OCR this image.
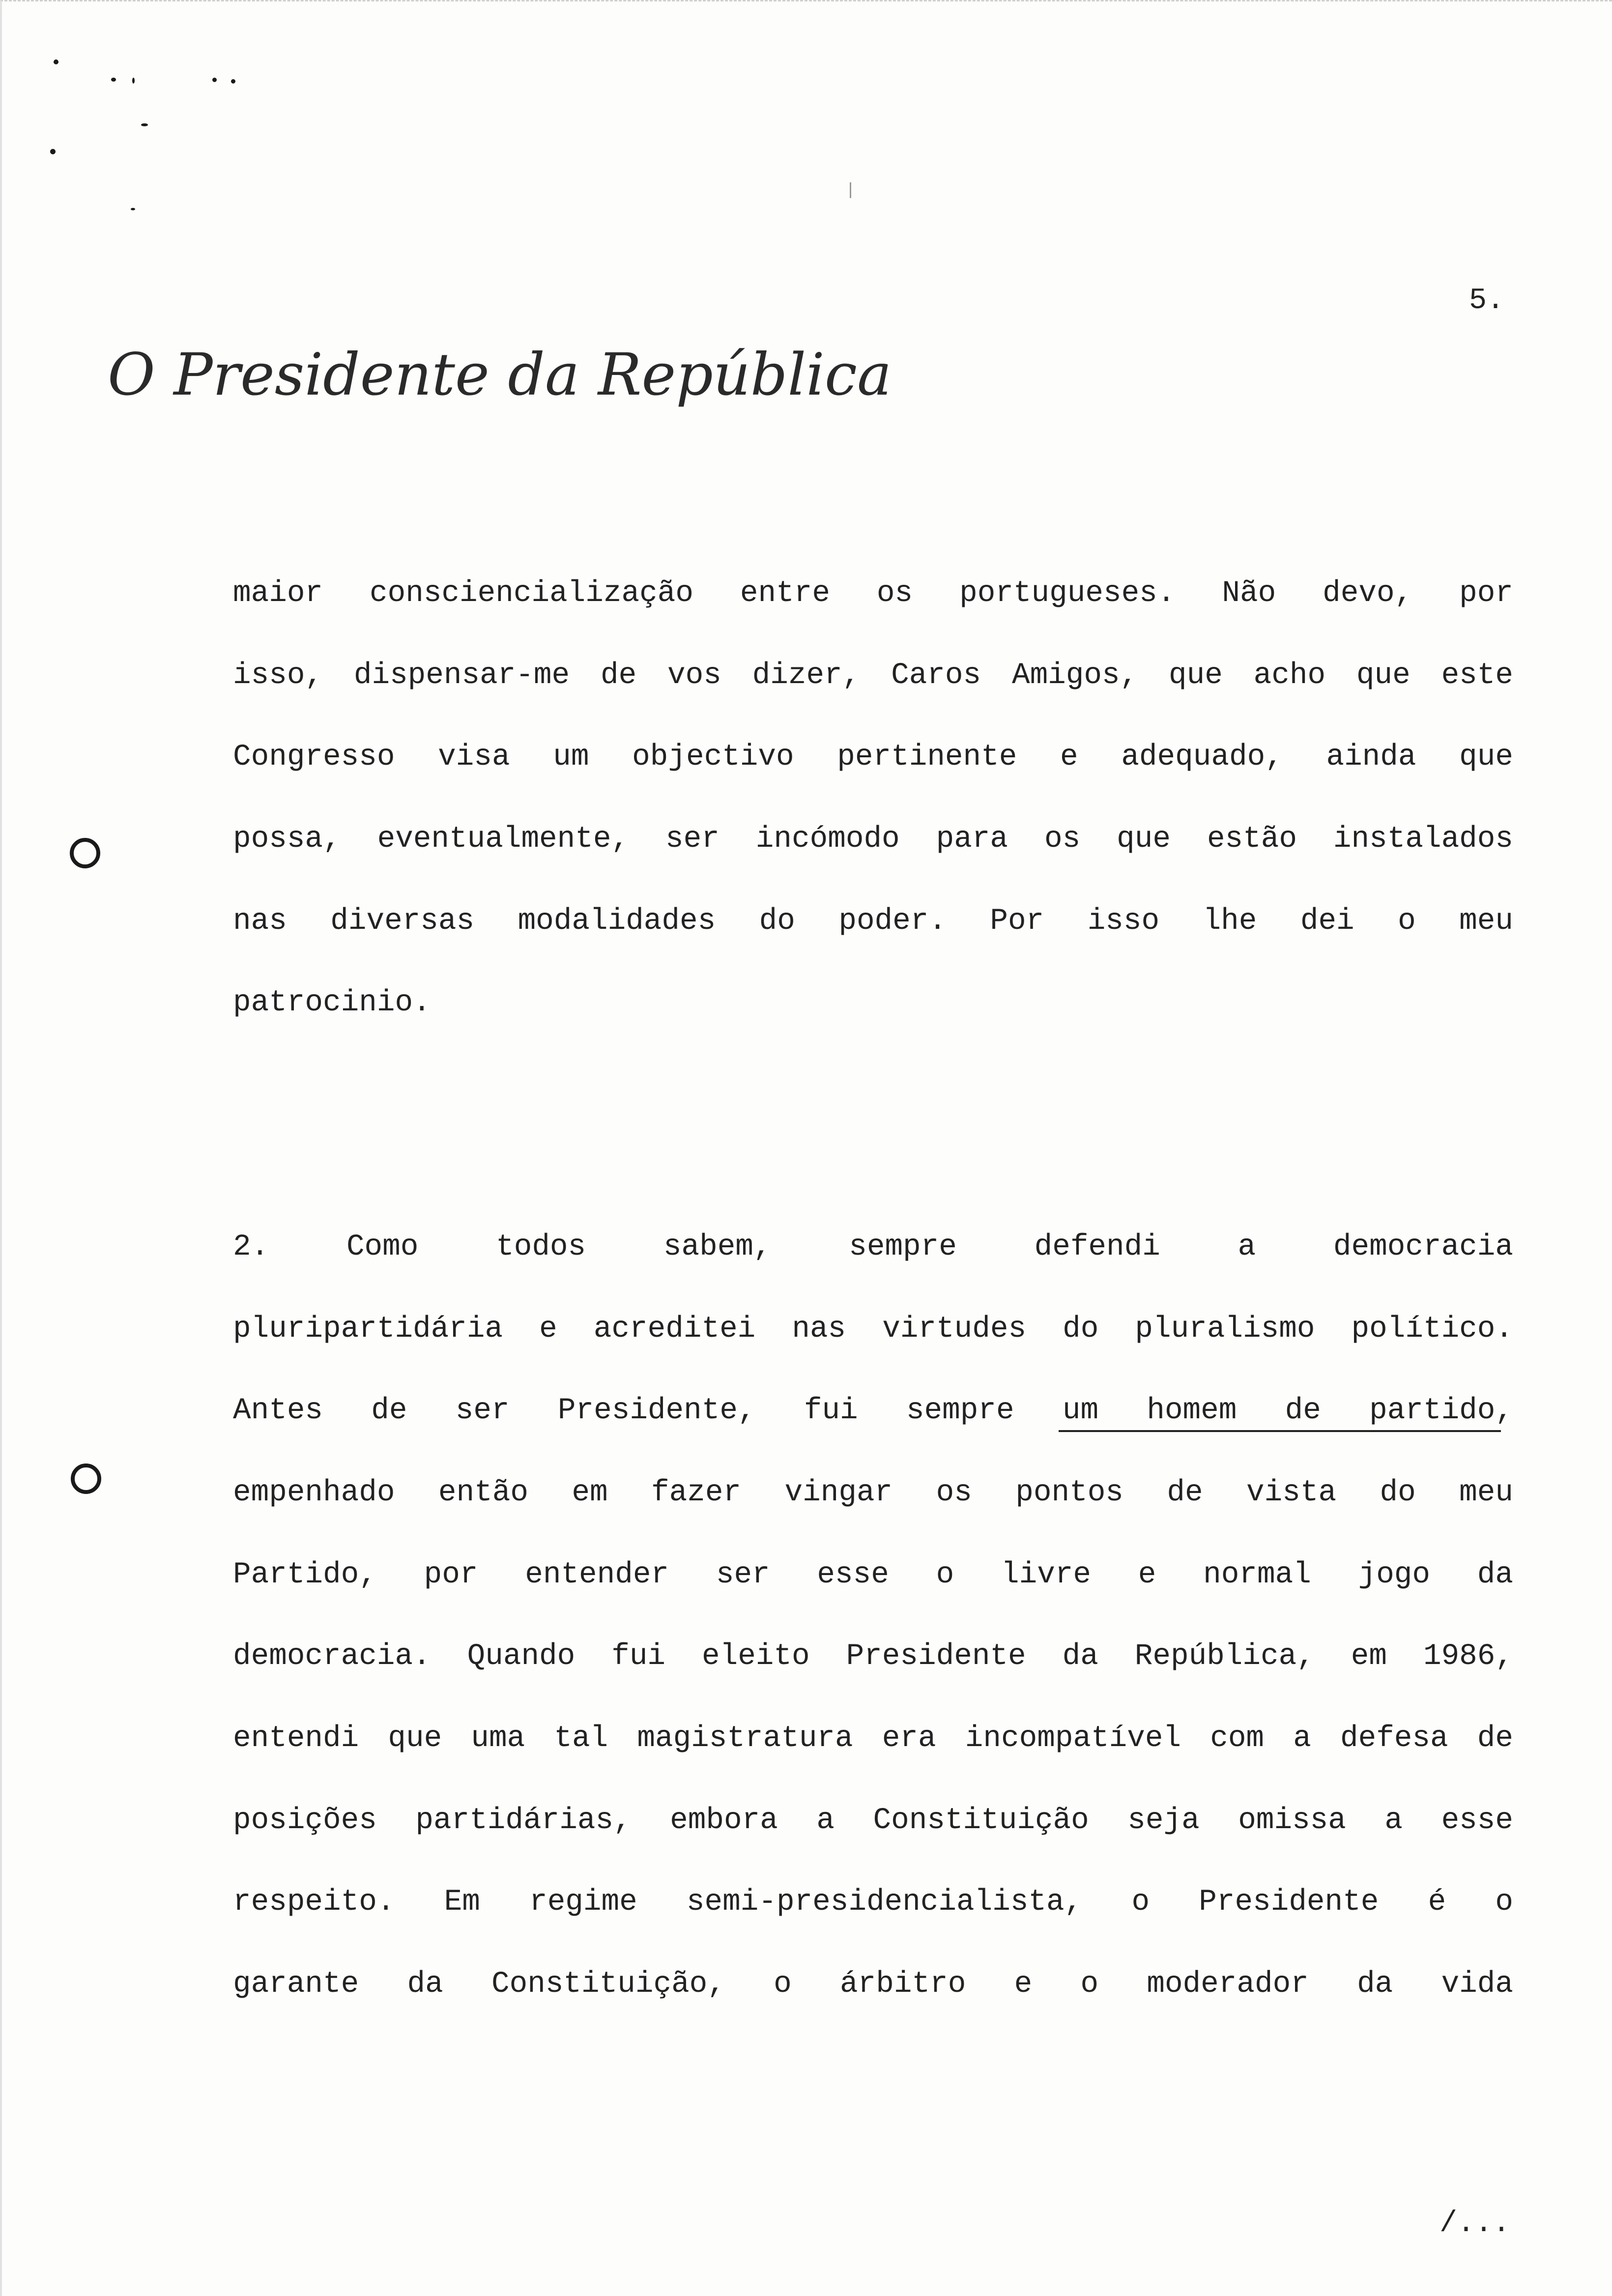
5.

O Presidente da República

maior consciencialização entre os portugueses. Não devo, por

isso, dispensar-me de vos dizer, Caros Amigos, que acho que este

Congresso visa um objectivo pertinente e adequado, ainda que

possa, eventualmente, ser incómodo para os que estão instalados

nas diversas modalidades do poder. Por isso lhe dei o meu

patrocinio.

2. Como todos sabem, sempre defendi a democracia

pluripartidária e acreditei nas virtudes do pluralismo político.

Antes de ser Presidente, fui sempre um homem de partido,

empenhado então em fazer vingar os pontos de vista do meu

Partido, por entender ser esse o livre e normal jogo da

democracia. Quando fui eleito Presidente da República, em 1986,

entendi que uma tal magistratura era incompatível com a defesa de

posições partidárias, embora a Constituição seja omissa a esse

respeito. Em regime semi-presidencialista, o Presidente é o

garante da Constituição, o árbitro e o moderador da vida

/...
